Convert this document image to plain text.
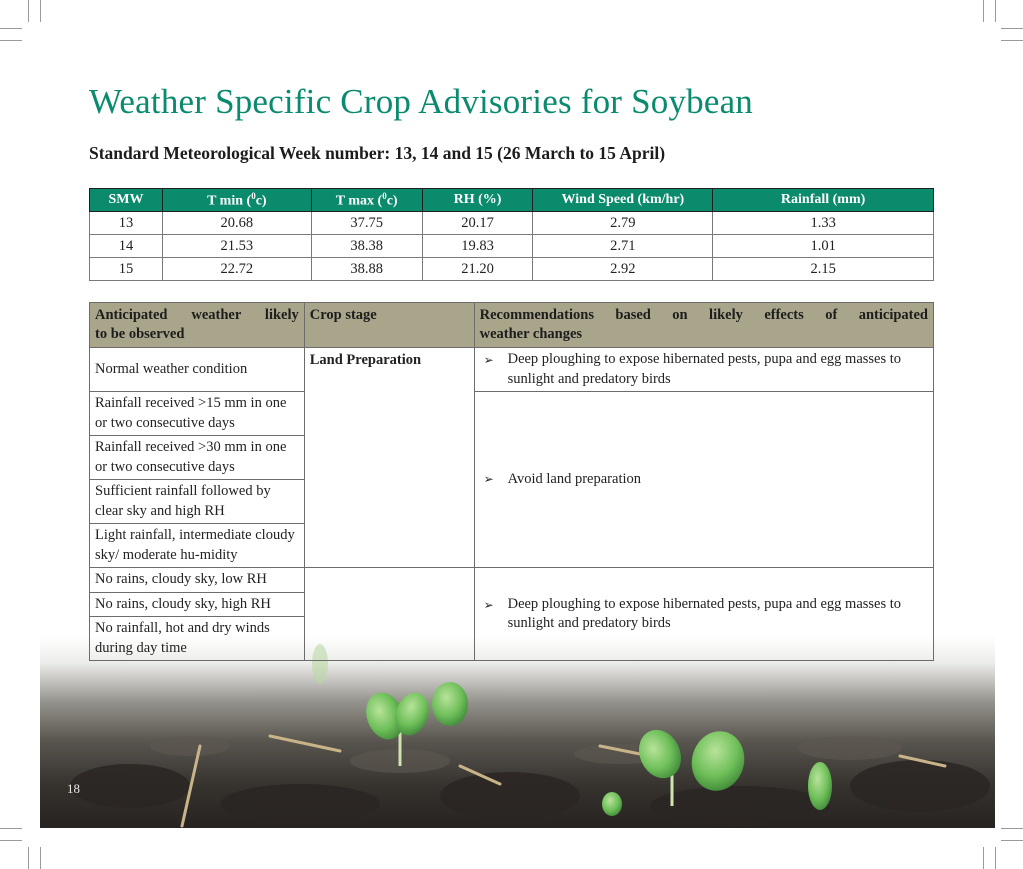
18
Weather Specific Crop Advisories for Soybean
Standard Meteorological Week number: 13, 14 and 15 (26 March to 15 April)
SMW	T min ($^0$c)	T max ($^0$c)	RH (%)	Wind Speed (km/hr)	Rainfall (mm)
13	20.68	37.75	20.17	2.79	1.33
14	21.53	38.38	19.83	2.71	1.01
15	22.72	38.88	21.20	2.92	2.15
Anticipated weather likely
to be observed	Crop stage	Recommendations based on likely effects of anticipated
weather changes

Normal weather condition	Land Preparation	➢ Deep ploughing to expose hibernated pests, pupa and egg masses to sunlight and predatory birds

Rainfall received >15 mm in one or two consecutive days		➢ Avoid land preparation

Rainfall received >30 mm in one or two consecutive days		
Sufficient rainfall followed by clear sky and high RH		
Light rainfall, intermediate cloudy sky/ moderate hu-midity		
No rains, cloudy sky, low RH		➢ Deep ploughing to expose hibernated pests, pupa and egg masses to sunlight and predatory birds

No rains, cloudy sky, high RH		
No rainfall, hot and dry winds during day time		
